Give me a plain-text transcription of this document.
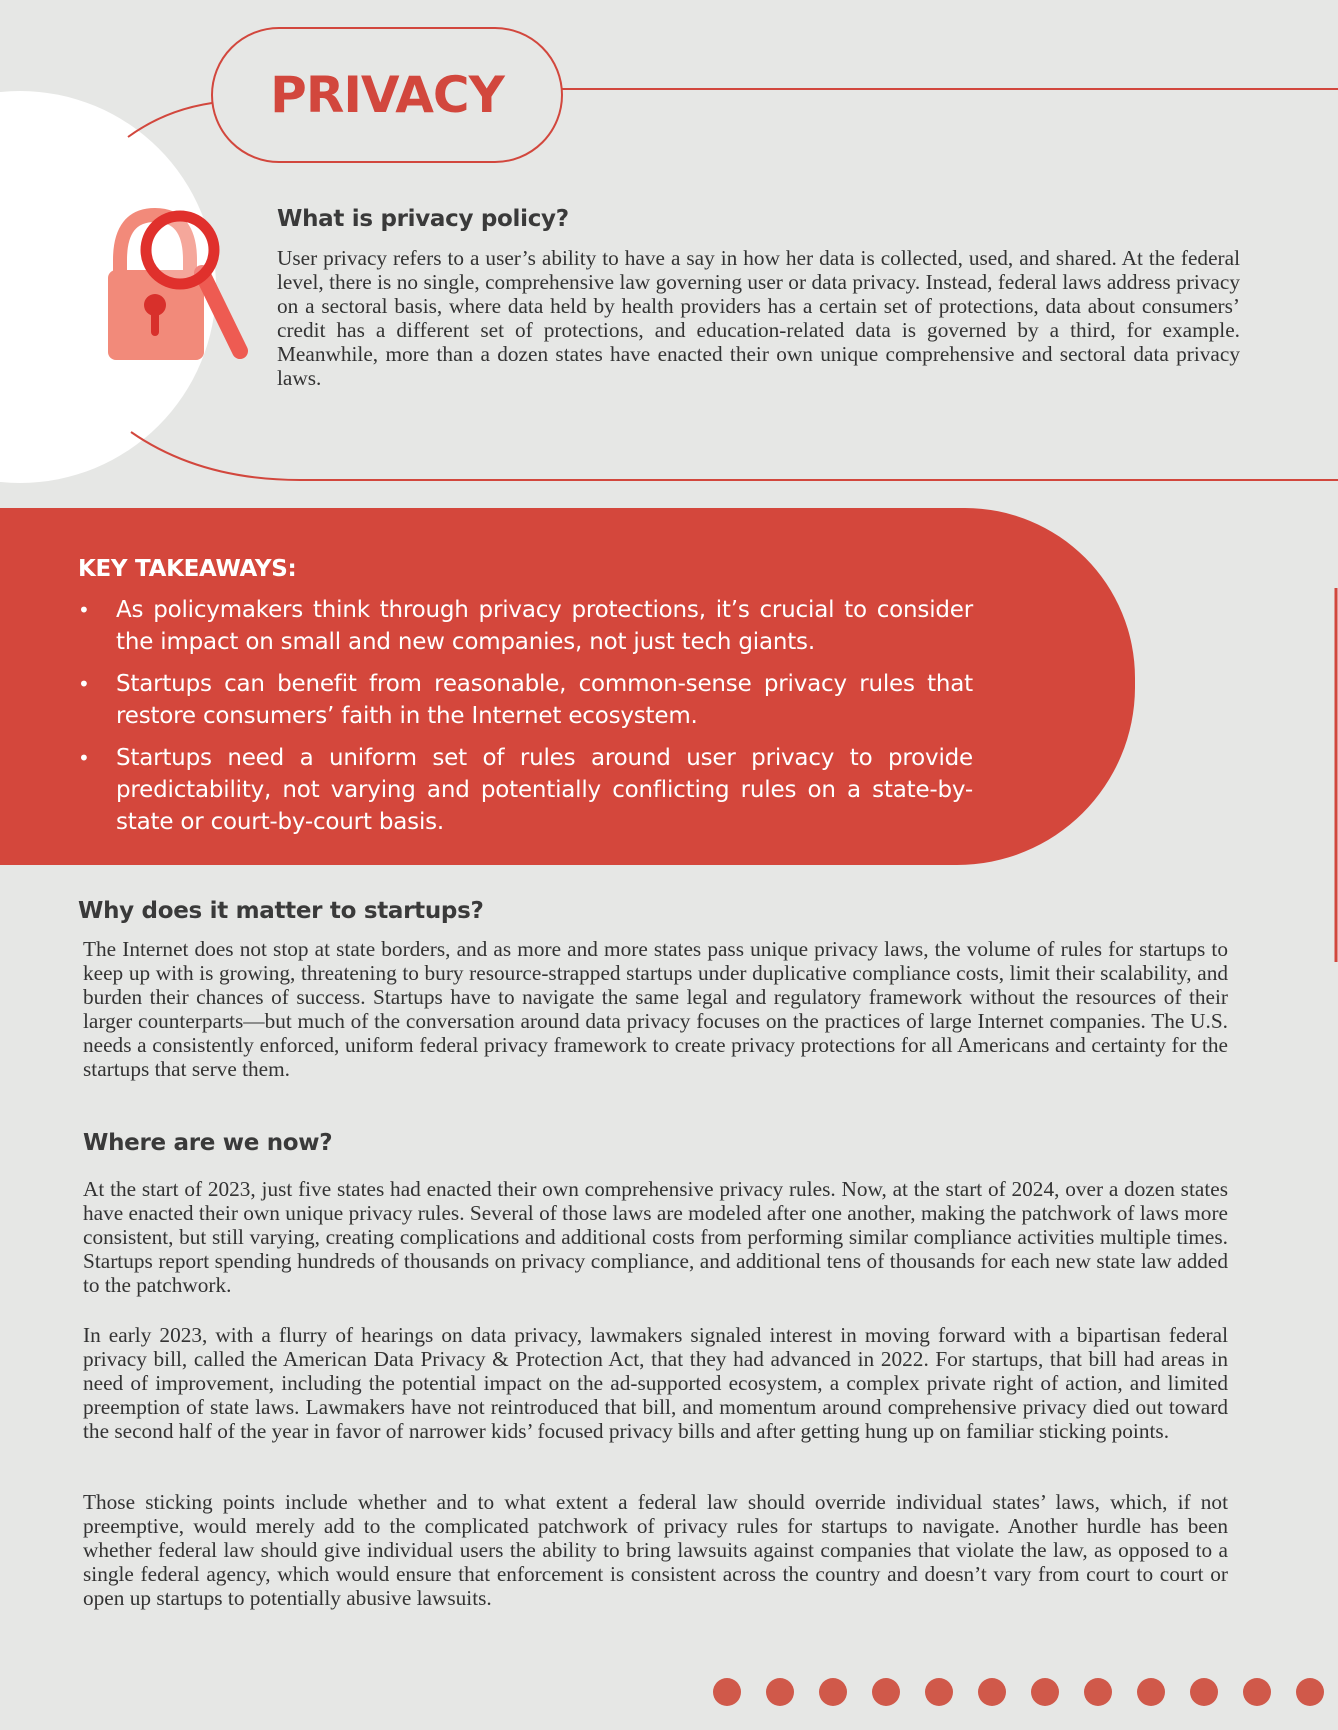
PRIVACY
What is privacy policy?

User privacy refers to a user’s ability to have a say in how her data is collected, used, and shared. At the federal level, there is no single, comprehensive law governing user or data privacy. Instead, federal laws address privacy on a sectoral basis, where data held by health providers has a certain set of protections, data about consumers’ credit has a different set of protections, and education-related data is governed by a third, for example. Meanwhile, more than a dozen states have enacted their own unique comprehensive and sectoral data privacy laws.

KEY TAKEAWAYS:
• As policymakers think through privacy protections, it’s crucial to consider the impact on small and new companies, not just tech giants.
• Startups can benefit from reasonable, common-sense privacy rules that restore consumers’ faith in the Internet ecosystem.
• Startups need a uniform set of rules around user privacy to provide predictability, not varying and potentially conflicting rules on a state-by-state or court-by-court basis.
Why does it matter to startups?

The Internet does not stop at state borders, and as more and more states pass unique privacy laws, the volume of rules for startups to keep up with is growing, threatening to bury resource-strapped startups under duplicative compliance costs, limit their scalability, and burden their chances of success. Startups have to navigate the same legal and regulatory framework without the resources of their larger counterparts—but much of the conversation around data privacy focuses on the practices of large Internet companies. The U.S. needs a consistently enforced, uniform federal privacy framework to create privacy protections for all Americans and certainty for the startups that serve them.

Where are we now?

At the start of 2023, just five states had enacted their own comprehensive privacy rules. Now, at the start of 2024, over a dozen states have enacted their own unique privacy rules. Several of those laws are modeled after one another, making the patchwork of laws more consistent, but still varying, creating complications and additional costs from performing similar compliance activities multiple times. Startups report spending hundreds of thousands on privacy compliance, and additional tens of thousands for each new state law added to the patchwork.

In early 2023, with a flurry of hearings on data privacy, lawmakers signaled interest in moving forward with a bipartisan federal privacy bill, called the American Data Privacy & Protection Act, that they had advanced in 2022. For startups, that bill had areas in need of improvement, including the potential impact on the ad-supported ecosystem, a complex private right of action, and limited preemption of state laws. Lawmakers have not reintroduced that bill, and momentum around comprehensive privacy died out toward the second half of the year in favor of narrower kids’ focused privacy bills and after getting hung up on familiar sticking points.

Those sticking points include whether and to what extent a federal law should override individual states’ laws, which, if not preemptive, would merely add to the complicated patchwork of privacy rules for startups to navigate. Another hurdle has been whether federal law should give individual users the ability to bring lawsuits against companies that violate the law, as opposed to a single federal agency, which would ensure that enforcement is consistent across the country and doesn’t vary from court to court or open up startups to potentially abusive lawsuits.
